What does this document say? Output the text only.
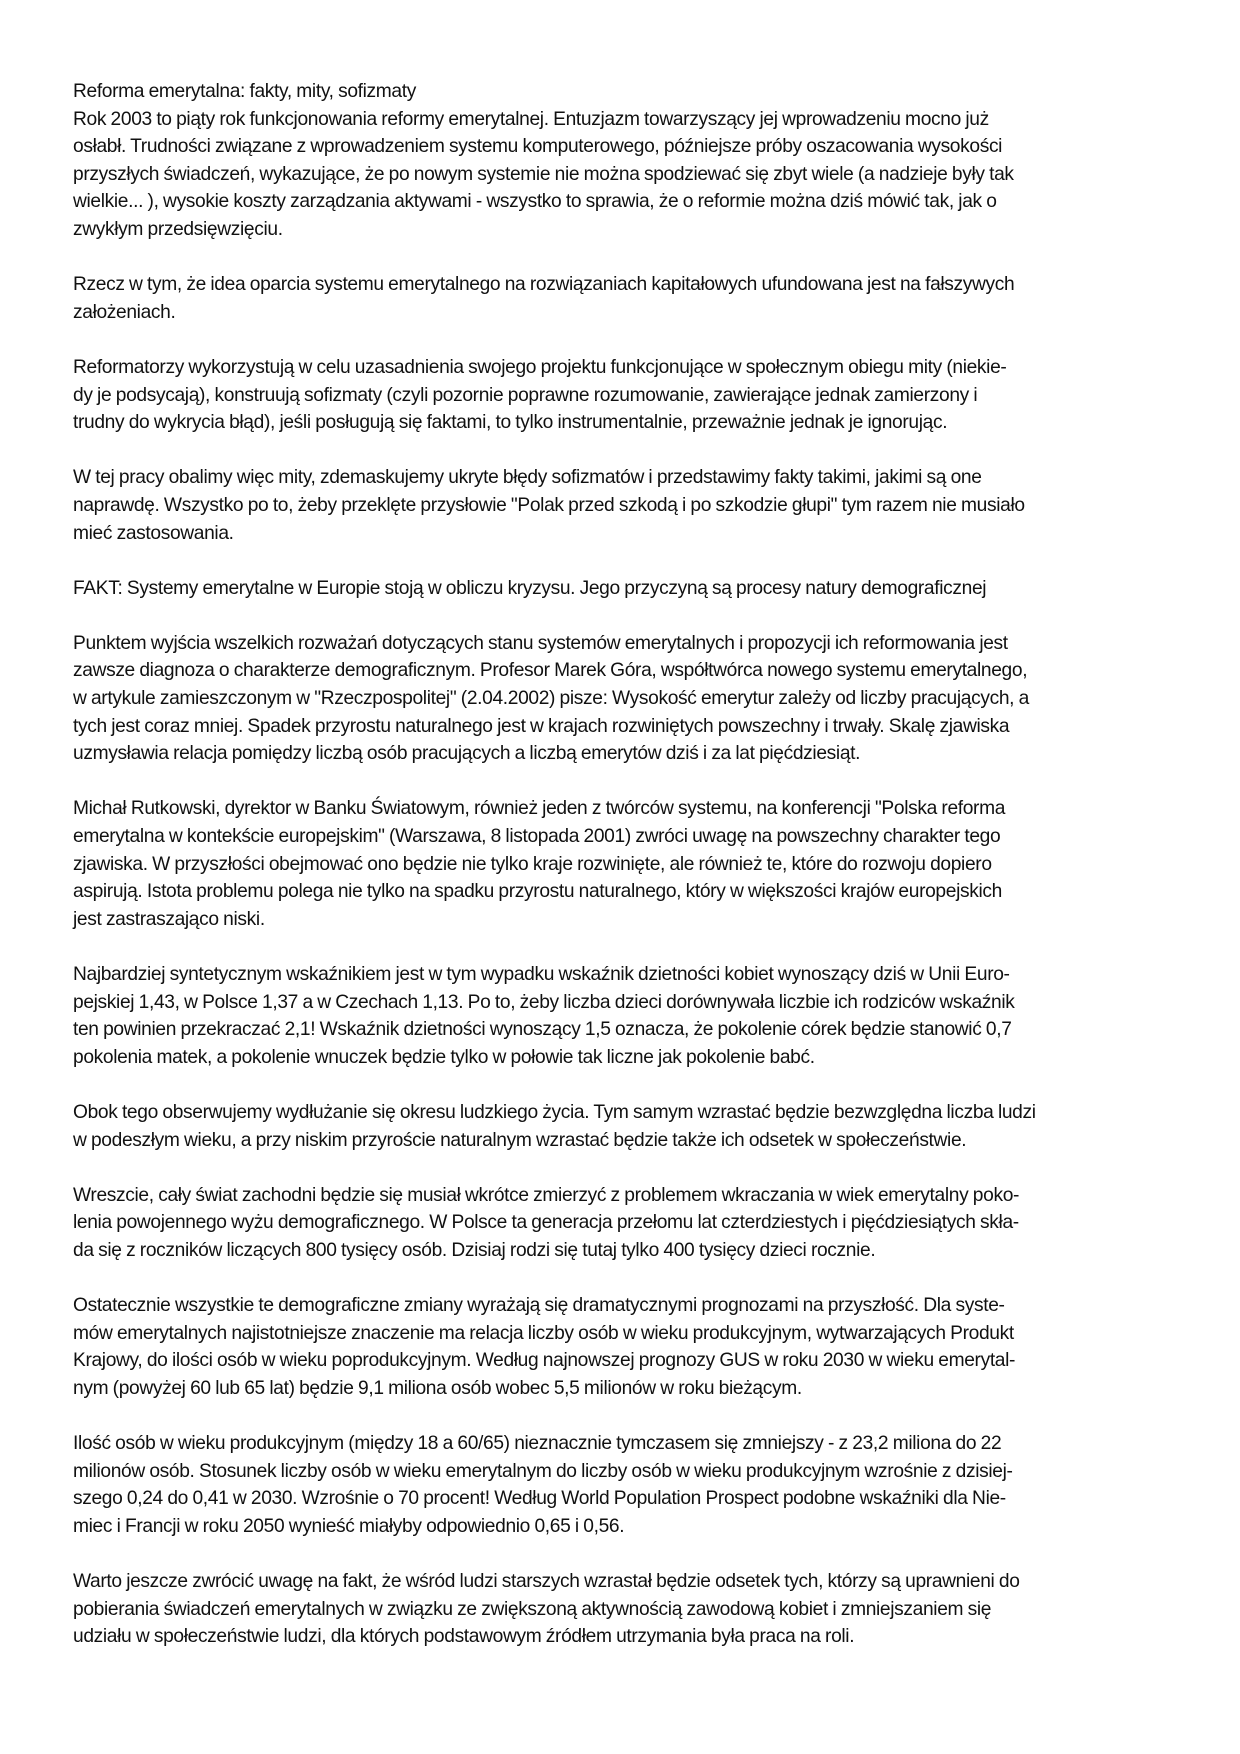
Reforma emerytalna: fakty, mity, sofizmaty
Rok 2003 to piąty rok funkcjonowania reformy emerytalnej. Entuzjazm towarzyszący jej wprowadzeniu mocno już
osłabł. Trudności związane z wprowadzeniem systemu komputerowego, późniejsze próby oszacowania wysokości
przyszłych świadczeń, wykazujące, że po nowym systemie nie można spodziewać się zbyt wiele (a nadzieje były tak
wielkie... ), wysokie koszty zarządzania aktywami - wszystko to sprawia, że o reformie można dziś mówić tak, jak o
zwykłym przedsięwzięciu.
Rzecz w tym, że idea oparcia systemu emerytalnego na rozwiązaniach kapitałowych ufundowana jest na fałszywych
założeniach.
Reformatorzy wykorzystują w celu uzasadnienia swojego projektu funkcjonujące w społecznym obiegu mity (niekie-
dy je podsycają), konstruują sofizmaty (czyli pozornie poprawne rozumowanie, zawierające jednak zamierzony i
trudny do wykrycia błąd), jeśli posługują się faktami, to tylko instrumentalnie, przeważnie jednak je ignorując.
W tej pracy obalimy więc mity, zdemaskujemy ukryte błędy sofizmatów i przedstawimy fakty takimi, jakimi są one
naprawdę. Wszystko po to, żeby przeklęte przysłowie "Polak przed szkodą i po szkodzie głupi" tym razem nie musiało
mieć zastosowania.
FAKT: Systemy emerytalne w Europie stoją w obliczu kryzysu. Jego przyczyną są procesy natury demograficznej
Punktem wyjścia wszelkich rozważań dotyczących stanu systemów emerytalnych i propozycji ich reformowania jest
zawsze diagnoza o charakterze demograficznym. Profesor Marek Góra, współtwórca nowego systemu emerytalnego,
w artykule zamieszczonym w "Rzeczpospolitej" (2.04.2002) pisze: Wysokość emerytur zależy od liczby pracujących, a
tych jest coraz mniej. Spadek przyrostu naturalnego jest w krajach rozwiniętych powszechny i trwały. Skalę zjawiska
uzmysławia relacja pomiędzy liczbą osób pracujących a liczbą emerytów dziś i za lat pięćdziesiąt.
Michał Rutkowski, dyrektor w Banku Światowym, również jeden z twórców systemu, na konferencji "Polska reforma
emerytalna w kontekście europejskim" (Warszawa, 8 listopada 2001) zwróci uwagę na powszechny charakter tego
zjawiska. W przyszłości obejmować ono będzie nie tylko kraje rozwinięte, ale również te, które do rozwoju dopiero
aspirują. Istota problemu polega nie tylko na spadku przyrostu naturalnego, który w większości krajów europejskich
jest zastraszająco niski.
Najbardziej syntetycznym wskaźnikiem jest w tym wypadku wskaźnik dzietności kobiet wynoszący dziś w Unii Euro-
pejskiej 1,43, w Polsce 1,37 a w Czechach 1,13. Po to, żeby liczba dzieci dorównywała liczbie ich rodziców wskaźnik
ten powinien przekraczać 2,1! Wskaźnik dzietności wynoszący 1,5 oznacza, że pokolenie córek będzie stanowić 0,7
pokolenia matek, a pokolenie wnuczek będzie tylko w połowie tak liczne jak pokolenie babć.
Obok tego obserwujemy wydłużanie się okresu ludzkiego życia. Tym samym wzrastać będzie bezwzględna liczba ludzi
w podeszłym wieku, a przy niskim przyroście naturalnym wzrastać będzie także ich odsetek w społeczeństwie.
Wreszcie, cały świat zachodni będzie się musiał wkrótce zmierzyć z problemem wkraczania w wiek emerytalny poko-
lenia powojennego wyżu demograficznego. W Polsce ta generacja przełomu lat czterdziestych i pięćdziesiątych skła-
da się z roczników liczących 800 tysięcy osób. Dzisiaj rodzi się tutaj tylko 400 tysięcy dzieci rocznie.
Ostatecznie wszystkie te demograficzne zmiany wyrażają się dramatycznymi prognozami na przyszłość. Dla syste-
mów emerytalnych najistotniejsze znaczenie ma relacja liczby osób w wieku produkcyjnym, wytwarzających Produkt
Krajowy, do ilości osób w wieku poprodukcyjnym. Według najnowszej prognozy GUS w roku 2030 w wieku emerytal-
nym (powyżej 60 lub 65 lat) będzie 9,1 miliona osób wobec 5,5 milionów w roku bieżącym.
Ilość osób w wieku produkcyjnym (między 18 a 60/65) nieznacznie tymczasem się zmniejszy - z 23,2 miliona do 22
milionów osób. Stosunek liczby osób w wieku emerytalnym do liczby osób w wieku produkcyjnym wzrośnie z dzisiej-
szego 0,24 do 0,41 w 2030. Wzrośnie o 70 procent! Według World Population Prospect podobne wskaźniki dla Nie-
miec i Francji w roku 2050 wynieść miałyby odpowiednio 0,65 i 0,56.
Warto jeszcze zwrócić uwagę na fakt, że wśród ludzi starszych wzrastał będzie odsetek tych, którzy są uprawnieni do
pobierania świadczeń emerytalnych w związku ze zwiększoną aktywnością zawodową kobiet i zmniejszaniem się
udziału w społeczeństwie ludzi, dla których podstawowym źródłem utrzymania była praca na roli.
